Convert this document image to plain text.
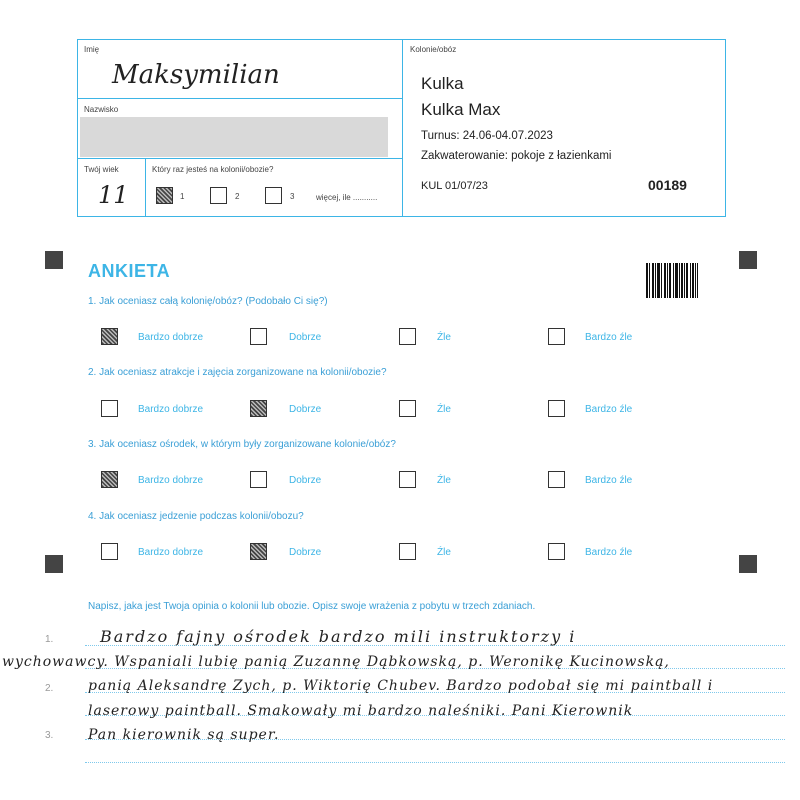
Imię
Maksymilian
Nazwisko
Twój wiek
11
Który raz jesteś na kolonii/obozie?
1	2	3	więcej, ile ...........
Kolonie/obóz
Kulka
Kulka Max
Turnus: 24.06-04.07.2023
Zakwaterowanie: pokoje z łazienkami
KUL 01/07/23	00189
ANKIETA
1. Jak oceniasz całą kolonię/obóz? (Podobało Ci się?)
Bardzo dobrze	Dobrze	Źle	Bardzo źle
2. Jak oceniasz atrakcje i zajęcia zorganizowane na kolonii/obozie?
Bardzo dobrze	Dobrze	Źle	Bardzo źle
3. Jak oceniasz ośrodek, w którym były zorganizowane kolonie/obóz?
Bardzo dobrze	Dobrze	Źle	Bardzo źle
4. Jak oceniasz jedzenie podczas kolonii/obozu?
Bardzo dobrze	Dobrze	Źle	Bardzo źle
Napisz, jaka jest Twoja opinia o kolonii lub obozie. Opisz swoje wrażenia z pobytu w trzech zdaniach.
1.
2.
3.
Bardzo fajny ośrodek bardzo mili instruktorzy i
wychowawcy. Wspaniali lubię panią Zuzannę Dąbkowską, p. Weronikę Kucinowską,
panią Aleksandrę Zych, p. Wiktorię Chubev. Bardzo podobał się mi paintball i
laserowy paintball. Smakowały mi bardzo naleśniki. Pani Kierownik
Pan kierownik są super.
